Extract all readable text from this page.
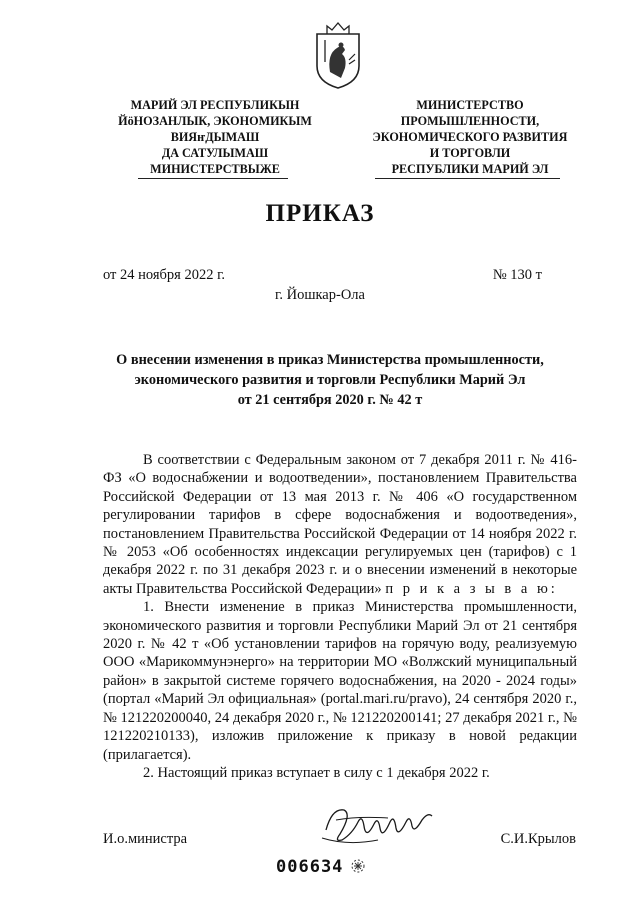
МАРИЙ ЭЛ РЕСПУБЛИКЫН
ЙӧНОЗАНЛЫК, ЭКОНОМИКЫМ
ВИЯҥДЫМАШ
ДА САТУЛЫМАШ
МИНИСТЕРСТВЫЖЕ
МИНИСТЕРСТВО
ПРОМЫШЛЕННОСТИ,
ЭКОНОМИЧЕСКОГО РАЗВИТИЯ
И ТОРГОВЛИ
РЕСПУБЛИКИ МАРИЙ ЭЛ
ПРИКАЗ
от 24 ноября 2022 г.	№ 130 т
г. Йошкар-Ола
О внесении изменения в приказ Министерства промышленности,
экономического развития и торговли Республики Марий Эл
от 21 сентября 2020 г. № 42 т

В соответствии с Федеральным законом от 7 декабря 2011 г. № 416-ФЗ «О водоснабжении и водоотведении», постановлением Правительства Российской Федерации от 13 мая 2013 г. № 406 «О государственном регулировании тарифов в сфере водоснабжения и водоотведения», постановлением Правительства Российской Федерации от 14 ноября 2022 г. № 2053 «Об особенностях индексации регулируемых цен (тарифов) с 1 декабря 2022 г. по 31 декабря 2023 г. и о внесении изменений в некоторые акты Правительства Российской Федерации» п р и к а з ы в а ю:

1. Внести изменение в приказ Министерства промышленности, экономического развития и торговли Республики Марий Эл от 21 сентября 2020 г. № 42 т «Об установлении тарифов на горячую воду, реализуемую ООО «Марикоммунэнерго» на территории МО «Волжский муниципальный район» в закрытой системе горячего водоснабжения, на 2020 - 2024 годы» (портал «Марий Эл официальная» (portal.mari.ru/pravo), 24 сентября 2020 г., № 121220200040, 24 декабря 2020 г., № 121220200141; 27 декабря 2021 г., № 121220210133), изложив приложение к приказу в новой редакции (прилагается).

2. Настоящий приказ вступает в силу с 1 декабря 2022 г.

И.о.министра	С.И.Крылов
006634
